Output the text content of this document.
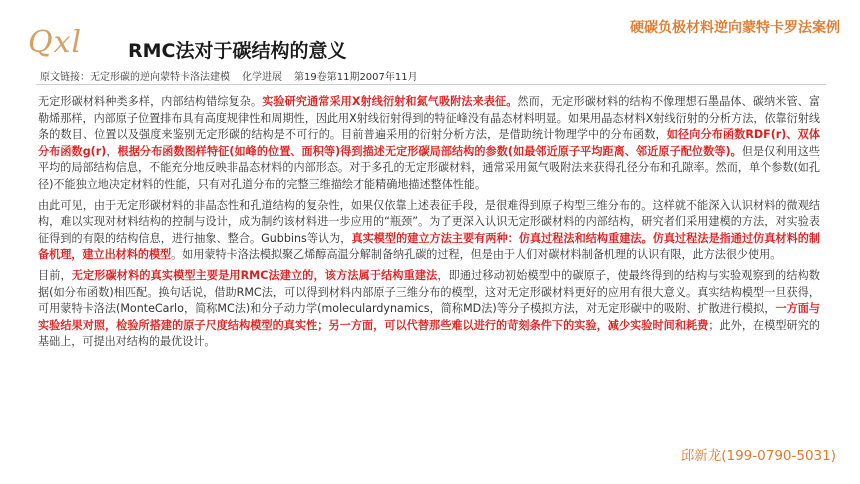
Qxl RMC法对于碳结构的意义
硬碳负极材料逆向蒙特卡罗法案例
原文链接：无定形碳的逆向蒙特卡洛法建模 化学进展 第19卷第11期2007年11月

无定形碳材料种类多样，内部结构错综复杂。实验研究通常采用X射线衍射和氮气吸附法来表征。然而，无定形碳材料的结构不像理想石墨晶体、碳纳米管、富勒烯那样，内部原子位置排布具有高度规律性和周期性，因此用X射线衍射得到的特征峰没有晶态材料明显。如果用晶态材料X射线衍射的分析方法，依靠衍射线条的数目、位置以及强度来鉴别无定形碳的结构是不可行的。目前普遍采用的衍射分析方法，是借助统计物理学中的分布函数，如径向分布函数RDF(r)、双体分布函数g(r)，根据分布函数图样特征(如峰的位置、面积等)得到描述无定形碳局部结构的参数(如最邻近原子平均距离、邻近原子配位数等)。但是仅利用这些平均的局部结构信息，不能充分地反映非晶态材料的内部形态。对于多孔的无定形碳材料，通常采用氮气吸附法来获得孔径分布和孔隙率。然而，单个参数(如孔径)不能独立地决定材料的性能，只有对孔道分布的完整三维描绘才能精确地描述整体性能。

由此可见，由于无定形碳材料的非晶态性和孔道结构的复杂性，如果仅依靠上述表征手段，是很难得到原子构型三维分布的。这样就不能深入认识材料的微观结构，难以实现对材料结构的控制与设计，成为制约该材料进一步应用的“瓶颈”。为了更深入认识无定形碳材料的内部结构，研究者们采用建模的方法，对实验表征得到的有限的结构信息，进行抽象、整合。Gubbins等认为，真实模型的建立方法主要有两种：仿真过程法和结构重建法。仿真过程法是指通过仿真材料的制备机理，建立出材料的模型。如用蒙特卡洛法模拟聚乙烯醇高温分解制备纳孔碳的过程，但是由于人们对碳材料制备机理的认识有限，此方法很少使用。

目前，无定形碳材料的真实模型主要是用RMC法建立的，该方法属于结构重建法，即通过移动初始模型中的碳原子，使最终得到的结构与实验观察到的结构数据(如分布函数)相匹配。换句话说，借助RMC法，可以得到材料内部原子三维分布的模型，这对无定形碳材料更好的应用有很大意义。真实结构模型一旦获得，可用蒙特卡洛法(MonteCarlo，简称MC法)和分子动力学(moleculardynamics，简称MD法)等分子模拟方法，对无定形碳中的吸附、扩散进行模拟，一方面与实验结果对照，检验所搭建的原子尺度结构模型的真实性；另一方面，可以代替那些难以进行的苛刻条件下的实验，减少实验时间和耗费；此外，在模型研究的基础上，可提出对结构的最优设计。

邱新龙(199-0790-5031)
